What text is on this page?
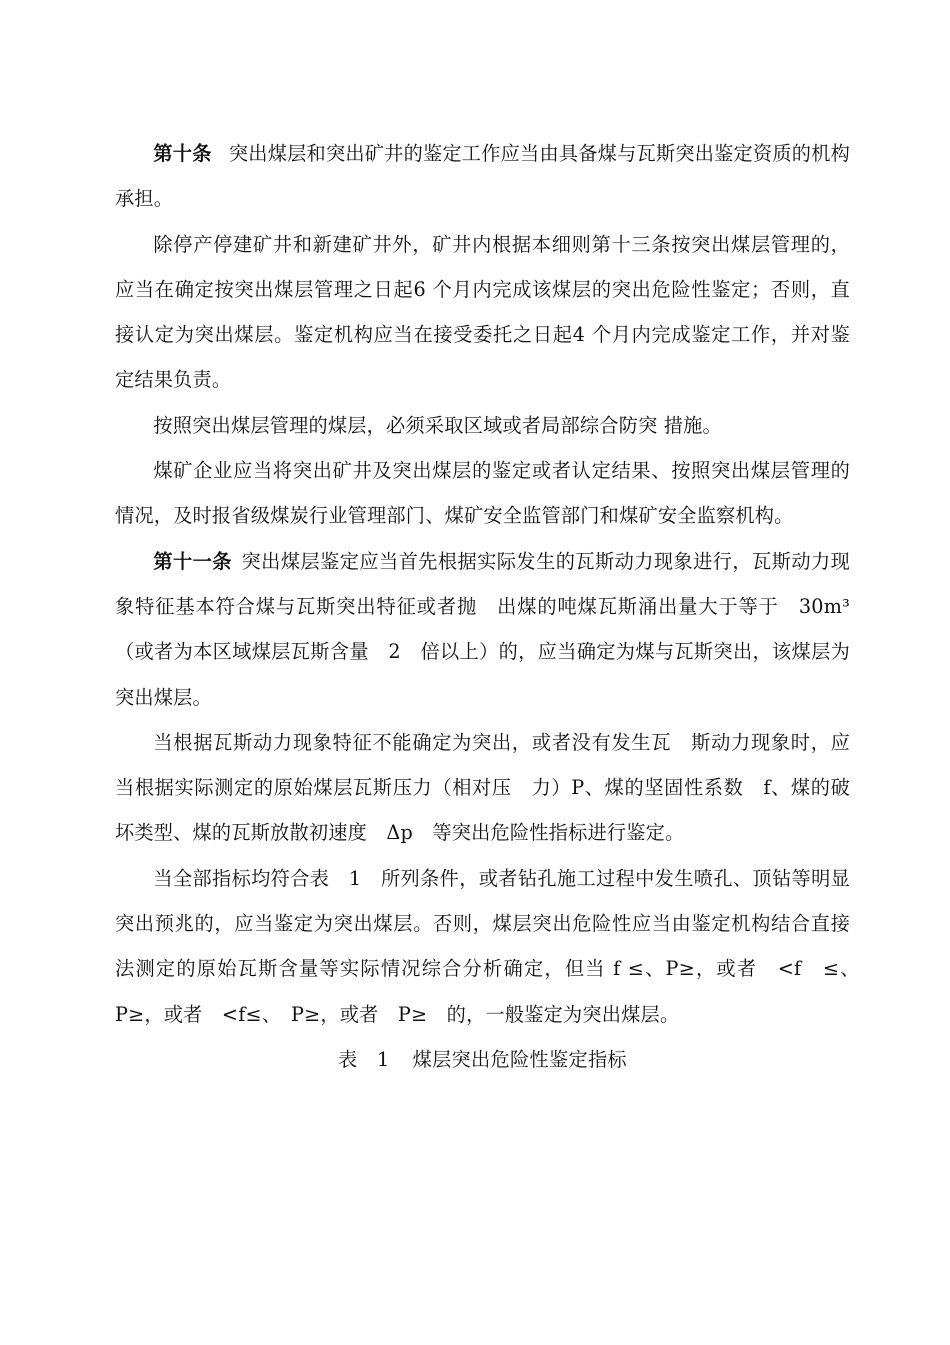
第十条 突出煤层和突出矿井的鉴定工作应当由具备煤与瓦斯突出鉴定资质的机构承担。

除停产停建矿井和新建矿井外，矿井内根据本细则第十三条按突出煤层管理的，应当在确定按突出煤层管理之日起6 个月内完成该煤层的突出危险性鉴定；否则，直接认定为突出煤层。鉴定机构应当在接受委托之日起4 个月内完成鉴定工作，并对鉴定结果负责。

按照突出煤层管理的煤层，必须采取区域或者局部综合防突 措施。

煤矿企业应当将突出矿井及突出煤层的鉴定或者认定结果、按照突出煤层管理的情况，及时报省级煤炭行业管理部门、煤矿安全监管部门和煤矿安全监察机构。

第十一条 突出煤层鉴定应当首先根据实际发生的瓦斯动力现象进行，瓦斯动力现象特征基本符合煤与瓦斯突出特征或者抛　出煤的吨煤瓦斯涌出量大于等于　30m³（或者为本区域煤层瓦斯含量　2　倍以上）的，应当确定为煤与瓦斯突出，该煤层为突出煤层。

当根据瓦斯动力现象特征不能确定为突出，或者没有发生瓦　斯动力现象时，应当根据实际测定的原始煤层瓦斯压力（相对压　力）P、煤的坚固性系数　f、煤的破坏类型、煤的瓦斯放散初速度　Δp　等突出危险性指标进行鉴定。

当全部指标均符合表　1　所列条件，或者钻孔施工过程中发生喷孔、顶钻等明显突出预兆的，应当鉴定为突出煤层。否则，煤层突出危险性应当由鉴定机构结合直接法测定的原始瓦斯含量等实际情况综合分析确定，但当 f ≤、P≥，或者　<f　≤、　P≥，或者　<f≤、　P≥，或者　P≥　的，一般鉴定为突出煤层。

表　1 煤层突出危险性鉴定指标
